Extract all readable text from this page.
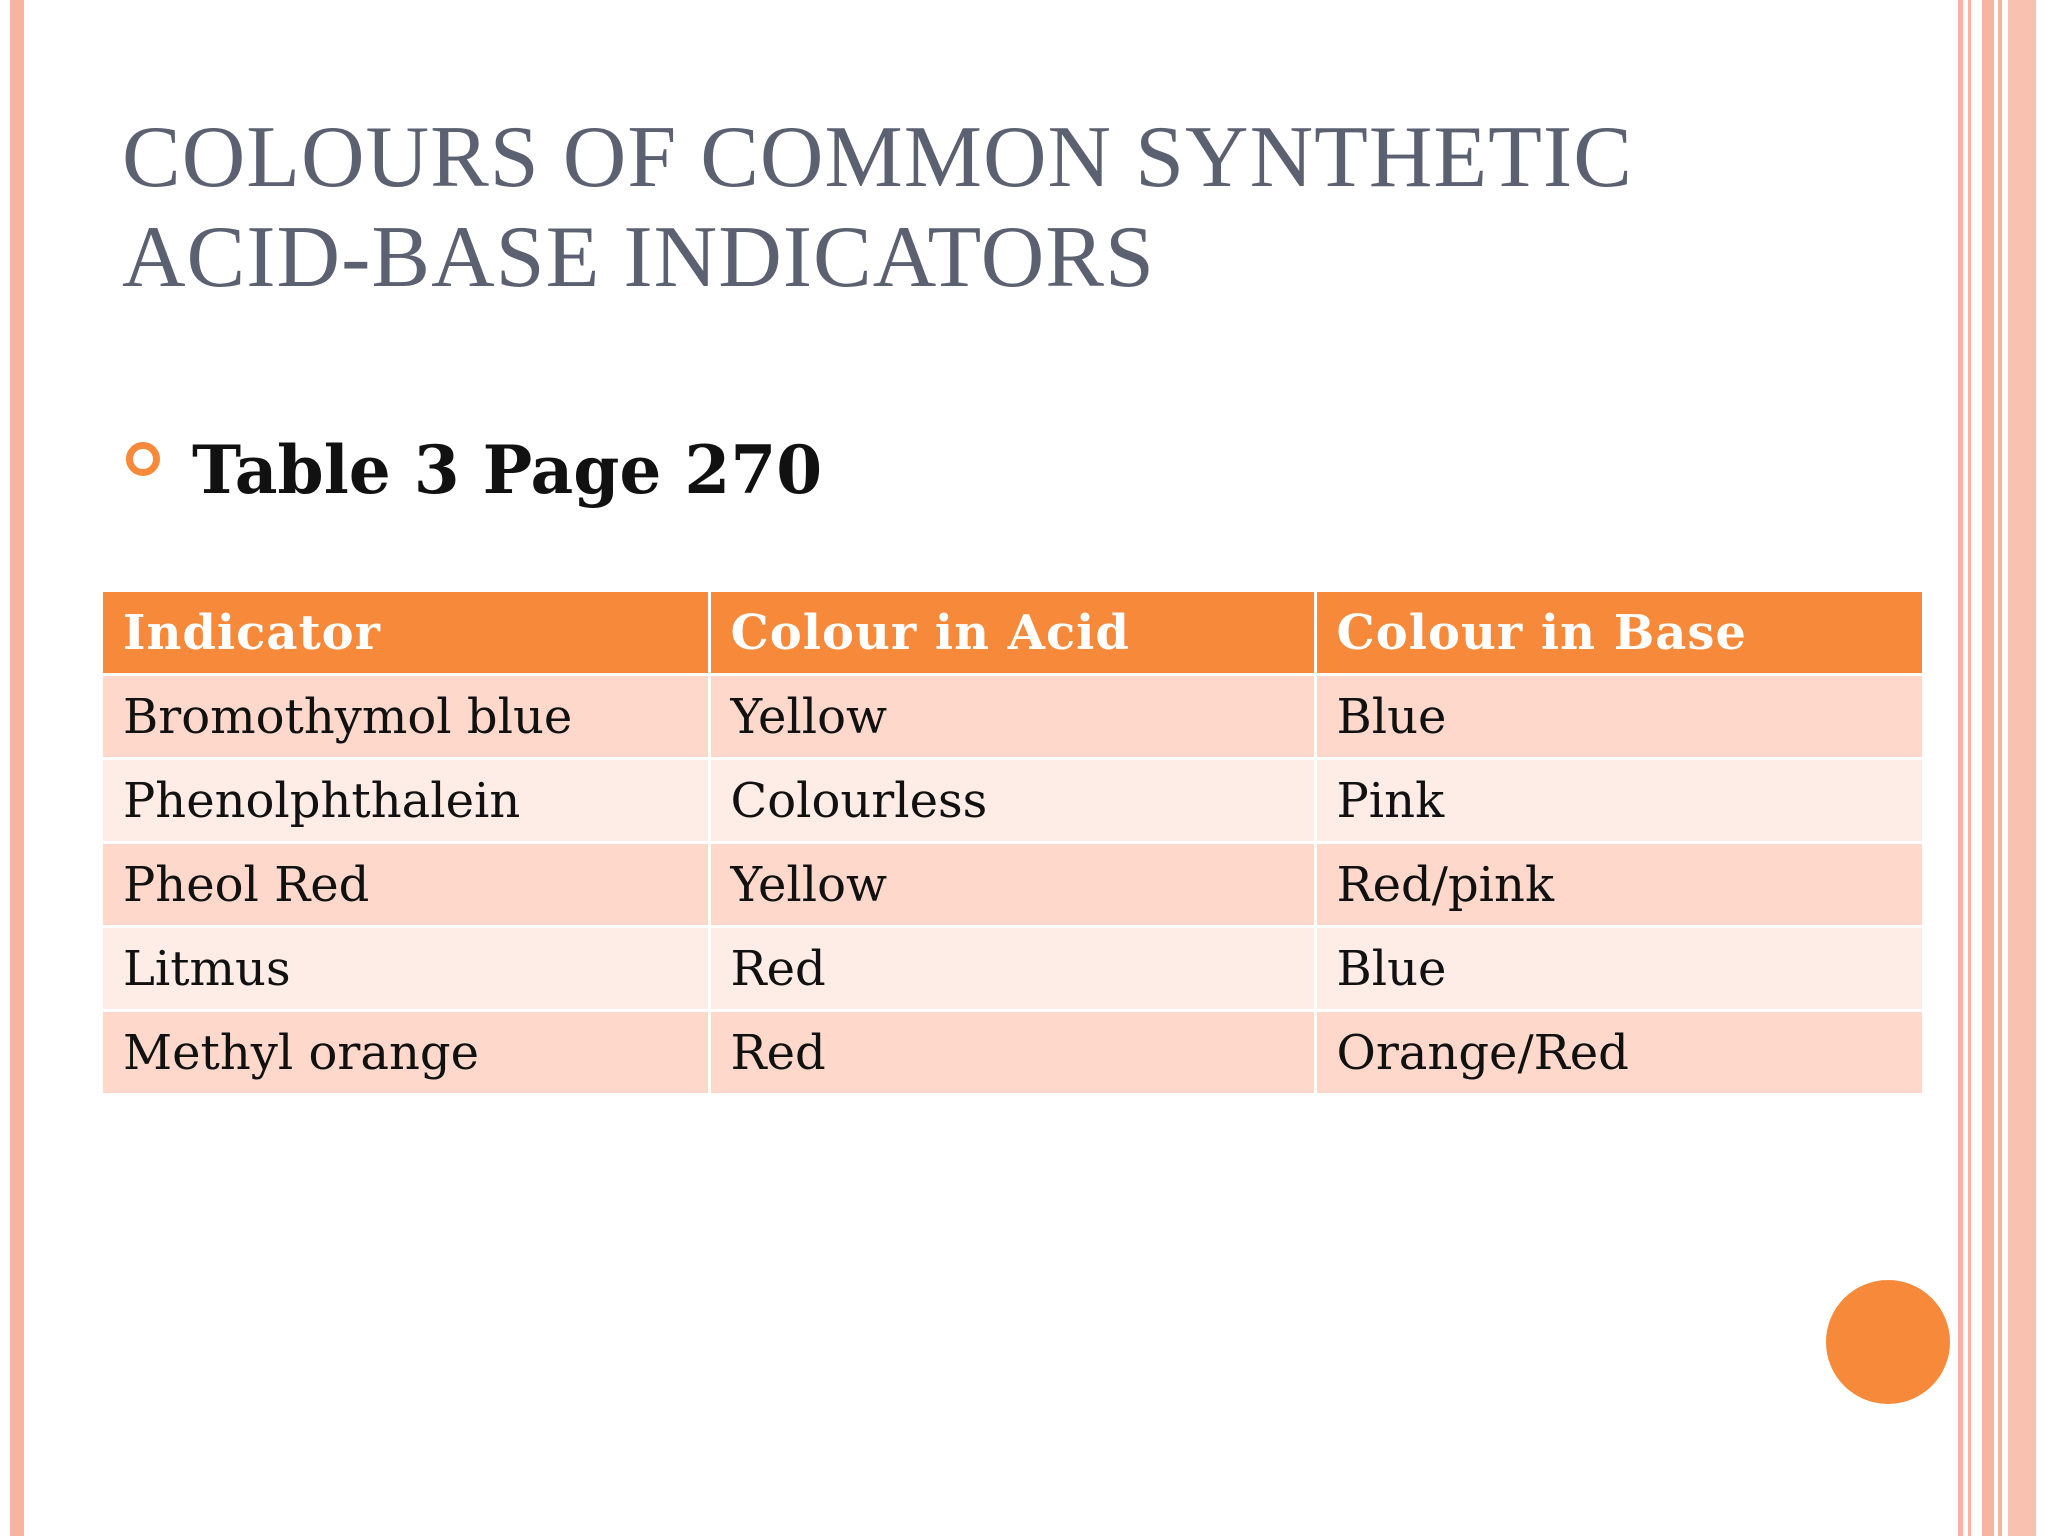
COLOURS OF COMMON SYNTHETIC
ACID-BASE INDICATORS
Table 3 Page 270
Indicator	Colour in Acid	Colour in Base
Bromothymol blue	Yellow	Blue
Phenolphthalein	Colourless	Pink
Pheol Red	Yellow	Red/pink
Litmus	Red	Blue
Methyl orange	Red	Orange/Red
